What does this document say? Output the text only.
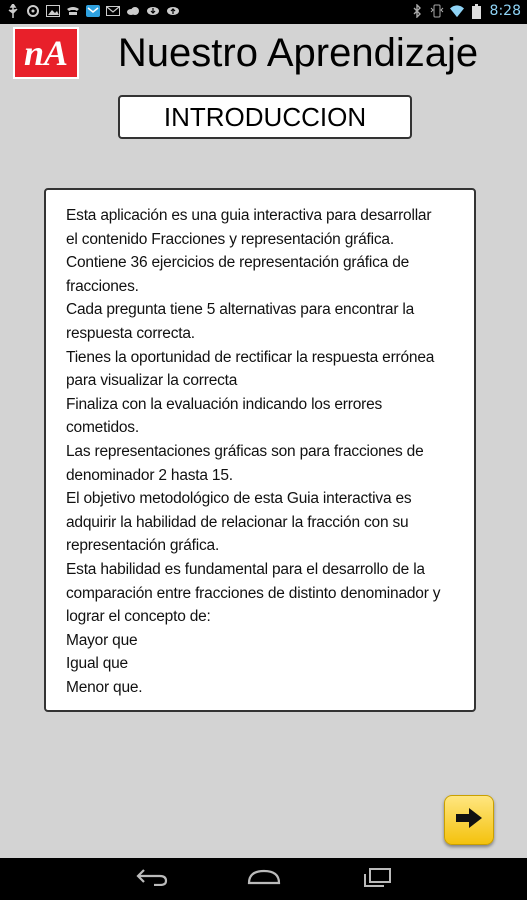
8:28
nA Nuestro Aprendizaje
INTRODUCCION
Esta aplicación es una guia interactiva para desarrollar
el contenido Fracciones y representación gráfica.
Contiene 36 ejercicios de representación gráfica de
fracciones.
Cada pregunta tiene 5 alternativas para encontrar la
respuesta correcta.
Tienes la oportunidad de rectificar la respuesta errónea
para visualizar la correcta
Finaliza con la evaluación indicando los errores
cometidos.
Las representaciones gráficas son para fracciones de
denominador 2 hasta 15.
El objetivo metodológico de esta Guia interactiva es
adquirir la habilidad de relacionar la fracción con su
representación gráfica.
Esta habilidad es fundamental para el desarrollo de la
comparación entre fracciones de distinto denominador y
lograr el concepto de:
Mayor que
Igual que
Menor que.
